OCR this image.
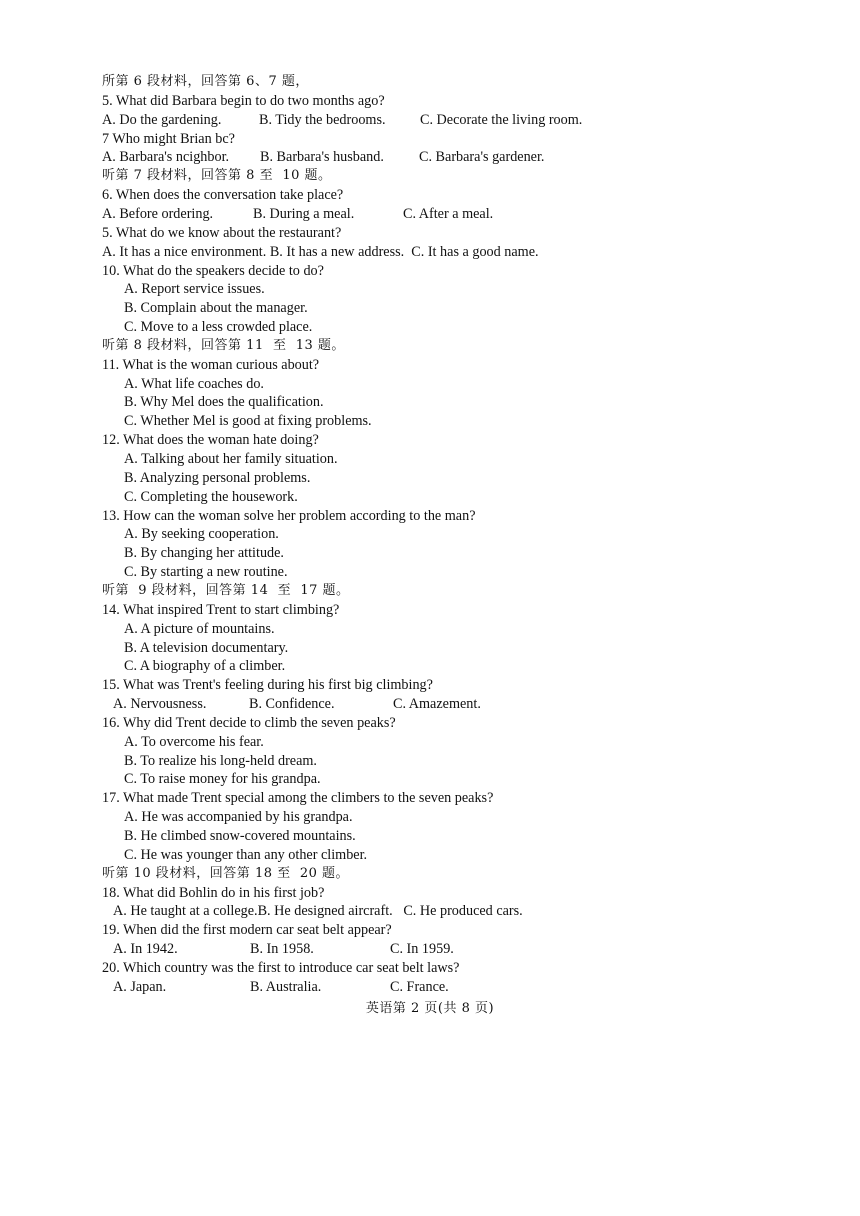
所第 6 段材料，回答第 6、7 题，
5. What did Barbara begin to do two months ago?
A. Do the gardening.	B. Tidy the bedrooms. C. Decorate the living room.
7 Who might Brian bc?
A. Barbara's ncighbor. B. Barbara's husband. C. Barbara's gardener.
听第 7 段材料，回答第 8 至  10 题。
6. When does the conversation take place?
A. Before ordering.	B. During a meal.	C. After a meal.
5. What do we know about the restaurant?
A. It has a nice environment. B. It has a new address.  C. It has a good name.
10. What do the speakers decide to do?
A. Report service issues.
B. Complain about the manager.
C. Move to a less crowded place.
听第 8 段材料，回答第 11  至  13 题。
11. What is the woman curious about?
A. What life coaches do.
B. Why Mel does the qualification.
C. Whether Mel is good at fixing problems.
12. What does the woman hate doing?
A. Talking about her family situation.
B. Analyzing personal problems.
C. Completing the housework.
13. How can the woman solve her problem according to the man?
A. By seeking cooperation.
B. By changing her attitude.
C. By starting a new routine.
听第  9 段材料，回答第 14  至  17 题。
14. What inspired Trent to start climbing?
A. A picture of mountains.
B. A television documentary.
C. A biography of a climber.
15. What was Trent's feeling during his first big climbing?
A. Nervousness.	B. Confidence.	C. Amazement.
16. Why did Trent decide to climb the seven peaks?
A. To overcome his fear.
B. To realize his long-held dream.
C. To raise money for his grandpa.
17. What made Trent special among the climbers to the seven peaks?
A. He was accompanied by his grandpa.
B. He climbed snow-covered mountains.
C. He was younger than any other climber.
听第 10 段材料，回答第 18 至  20 题。
18. What did Bohlin do in his first job?
A. He taught at a college.B. He designed aircraft.   C. He produced cars.
19. When did the first modern car seat belt appear?
A. In 1942.	B. In 1958.	C. In 1959.
20. Which country was the first to introduce car seat belt laws?
A. Japan.	B. Australia.	C. France.
英语第 2 页(共 8 页)
